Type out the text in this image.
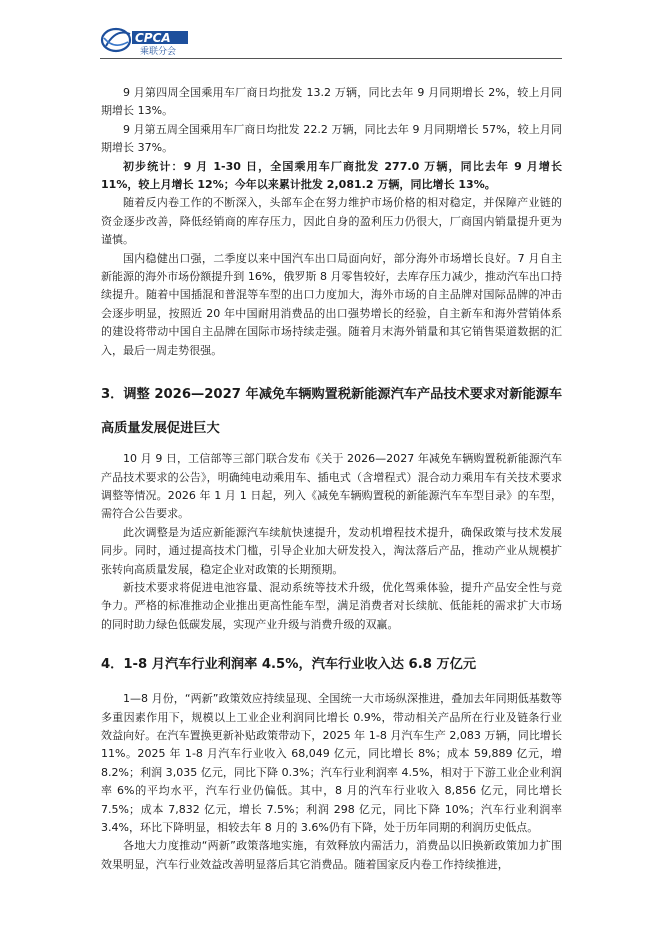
CPCA
乘联分会

9 月第四周全国乘用车厂商日均批发 13.2 万辆，同比去年 9 月同期增长 2%，较上月同期增长 13%。

9 月第五周全国乘用车厂商日均批发 22.2 万辆，同比去年 9 月同期增长 57%，较上月同期增长 37%。

初步统计：9 月 1-30 日，全国乘用车厂商批发 277.0 万辆，同比去年 9 月增长 11%，较上月增长 12%；今年以来累计批发 2,081.2 万辆，同比增长 13%。

随着反内卷工作的不断深入，头部车企在努力维护市场价格的相对稳定，并保障产业链的资金逐步改善，降低经销商的库存压力，因此自身的盈利压力仍很大，厂商国内销量提升更为谨慎。

国内稳健出口强，二季度以来中国汽车出口局面向好，部分海外市场增长良好。7 月自主新能源的海外市场份额提升到 16%，俄罗斯 8 月零售较好，去库存压力减少，推动汽车出口持续提升。随着中国插混和普混等车型的出口力度加大，海外市场的自主品牌对国际品牌的冲击会逐步明显，按照近 20 年中国耐用消费品的出口强势增长的经验，自主新车和海外营销体系的建设将带动中国自主品牌在国际市场持续走强。随着月末海外销量和其它销售渠道数据的汇入，最后一周走势很强。

3．调整 2026—2027 年减免车辆购置税新能源汽车产品技术要求对新能源车
高质量发展促进巨大

10 月 9 日，工信部等三部门联合发布《关于 2026—2027 年减免车辆购置税新能源汽车产品技术要求的公告》，明确纯电动乘用车、插电式（含增程式）混合动力乘用车有关技术要求调整等情况。2026 年 1 月 1 日起，列入《减免车辆购置税的新能源汽车车型目录》的车型，需符合公告要求。

此次调整是为适应新能源汽车续航快速提升，发动机增程技术提升，确保政策与技术发展同步。同时，通过提高技术门槛，引导企业加大研发投入，淘汰落后产品，推动产业从规模扩张转向高质量发展，稳定企业对政策的长期预期。

新技术要求将促进电池容量、混动系统等技术升级，优化驾乘体验，提升产品安全性与竞争力。严格的标准推动企业推出更高性能车型，满足消费者对长续航、低能耗的需求扩大市场的同时助力绿色低碳发展，实现产业升级与消费升级的双赢。

4．1-8 月汽车行业利润率 4.5%，汽车行业收入达 6.8 万亿元

1—8 月份，“两新”政策效应持续显现、全国统一大市场纵深推进，叠加去年同期低基数等多重因素作用下，规模以上工业企业利润同比增长 0.9%，带动相关产品所在行业及链条行业效益向好。在汽车置换更新补贴政策带动下，2025 年 1-8 月汽车生产 2,083 万辆，同比增长 11%。2025 年 1-8 月汽车行业收入 68,049 亿元，同比增长 8%；成本 59,889 亿元，增 8.2%；利润 3,035 亿元，同比下降 0.3%；汽车行业利润率 4.5%，相对于下游工业企业利润率 6%的平均水平，汽车行业仍偏低。其中，8 月的汽车行业收入 8,856 亿元，同比增长 7.5%；成本 7,832 亿元，增长 7.5%；利润 298 亿元，同比下降 10%；汽车行业利润率 3.4%，环比下降明显，相较去年 8 月的 3.6%仍有下降，处于历年同期的利润历史低点。

各地大力度推动“两新”政策落地实施，有效释放内需活力，消费品以旧换新政策加力扩围效果明显，汽车行业效益改善明显落后其它消费品。随着国家反内卷工作持续推进，
